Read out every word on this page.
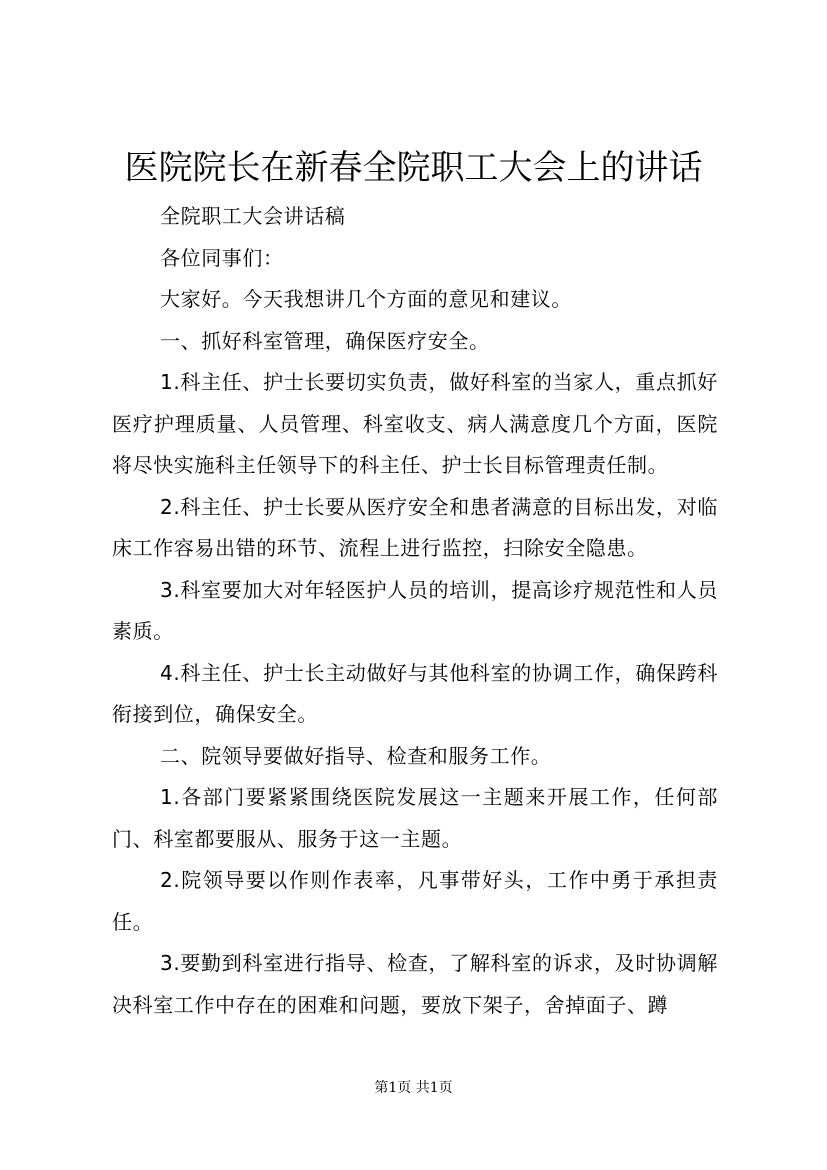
医院院长在新春全院职工大会上的讲话

全院职工大会讲话稿

各位同事们：

大家好。今天我想讲几个方面的意见和建议。

一、抓好科室管理，确保医疗安全。

1.科主任、护士长要切实负责，做好科室的当家人，重点抓好医疗护理质量、人员管理、科室收支、病人满意度几个方面，医院将尽快实施科主任领导下的科主任、护士长目标管理责任制。

2.科主任、护士长要从医疗安全和患者满意的目标出发，对临床工作容易出错的环节、流程上进行监控，扫除安全隐患。

3.科室要加大对年轻医护人员的培训，提高诊疗规范性和人员素质。

4.科主任、护士长主动做好与其他科室的协调工作，确保跨科衔接到位，确保安全。

二、院领导要做好指导、检查和服务工作。

1.各部门要紧紧围绕医院发展这一主题来开展工作，任何部门、科室都要服从、服务于这一主题。

2.院领导要以作则作表率，凡事带好头，工作中勇于承担责任。

3.要勤到科室进行指导、检查，了解科室的诉求，及时协调解决科室工作中存在的困难和问题，要放下架子，舍掉面子、蹲

第1页 共1页
